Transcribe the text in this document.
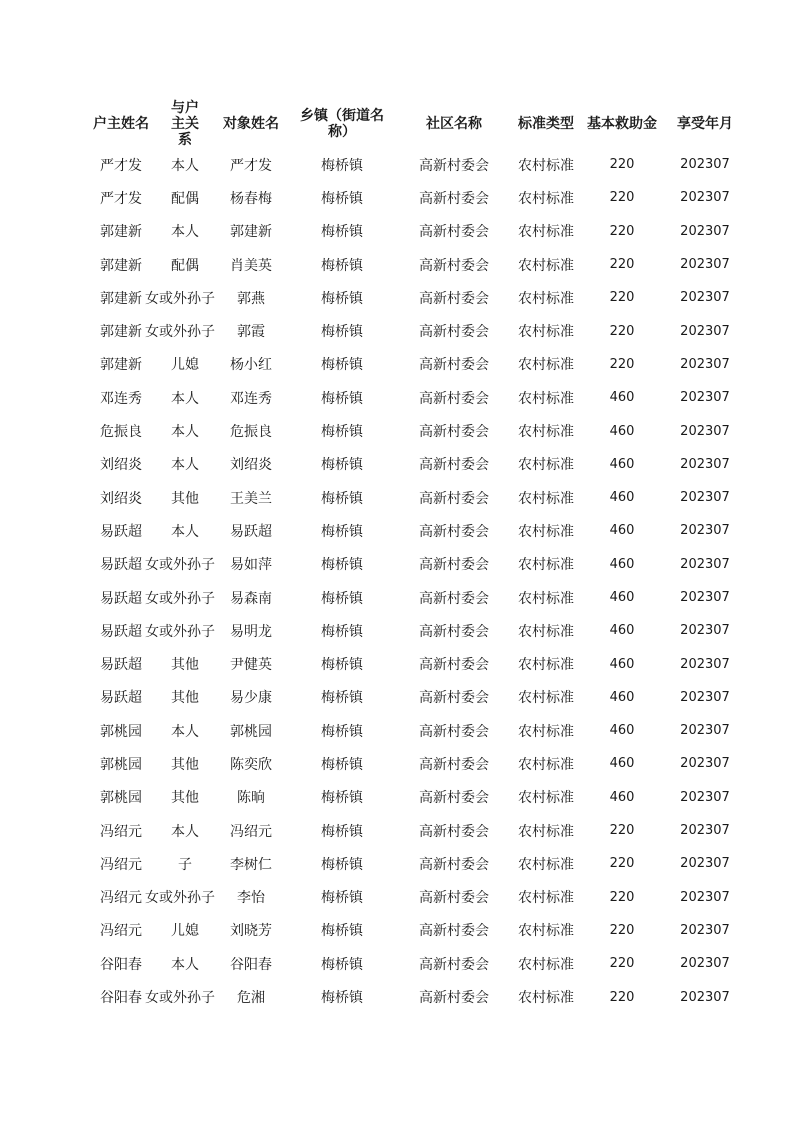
户主姓名	与户主关系	对象姓名	乡镇（街道名称）	社区名称	标准类型	基本救助金	享受年月
严才发	本人	严才发	梅桥镇	高新村委会	农村标准	220	202307
严才发	配偶	杨春梅	梅桥镇	高新村委会	农村标准	220	202307
郭建新	本人	郭建新	梅桥镇	高新村委会	农村标准	220	202307
郭建新	配偶	肖美英	梅桥镇	高新村委会	农村标准	220	202307
郭建新	女或外孙子	郭燕	梅桥镇	高新村委会	农村标准	220	202307
郭建新	女或外孙子	郭霞	梅桥镇	高新村委会	农村标准	220	202307
郭建新	儿媳	杨小红	梅桥镇	高新村委会	农村标准	220	202307
邓连秀	本人	邓连秀	梅桥镇	高新村委会	农村标准	460	202307
危振良	本人	危振良	梅桥镇	高新村委会	农村标准	460	202307
刘绍炎	本人	刘绍炎	梅桥镇	高新村委会	农村标准	460	202307
刘绍炎	其他	王美兰	梅桥镇	高新村委会	农村标准	460	202307
易跃超	本人	易跃超	梅桥镇	高新村委会	农村标准	460	202307
易跃超	女或外孙子	易如萍	梅桥镇	高新村委会	农村标准	460	202307
易跃超	女或外孙子	易森南	梅桥镇	高新村委会	农村标准	460	202307
易跃超	女或外孙子	易明龙	梅桥镇	高新村委会	农村标准	460	202307
易跃超	其他	尹健英	梅桥镇	高新村委会	农村标准	460	202307
易跃超	其他	易少康	梅桥镇	高新村委会	农村标准	460	202307
郭桃园	本人	郭桃园	梅桥镇	高新村委会	农村标准	460	202307
郭桃园	其他	陈奕欣	梅桥镇	高新村委会	农村标准	460	202307
郭桃园	其他	陈晌	梅桥镇	高新村委会	农村标准	460	202307
冯绍元	本人	冯绍元	梅桥镇	高新村委会	农村标准	220	202307
冯绍元	子	李树仁	梅桥镇	高新村委会	农村标准	220	202307
冯绍元	女或外孙子	李怡	梅桥镇	高新村委会	农村标准	220	202307
冯绍元	儿媳	刘晓芳	梅桥镇	高新村委会	农村标准	220	202307
谷阳春	本人	谷阳春	梅桥镇	高新村委会	农村标准	220	202307
谷阳春	女或外孙子	危湘	梅桥镇	高新村委会	农村标准	220	202307
